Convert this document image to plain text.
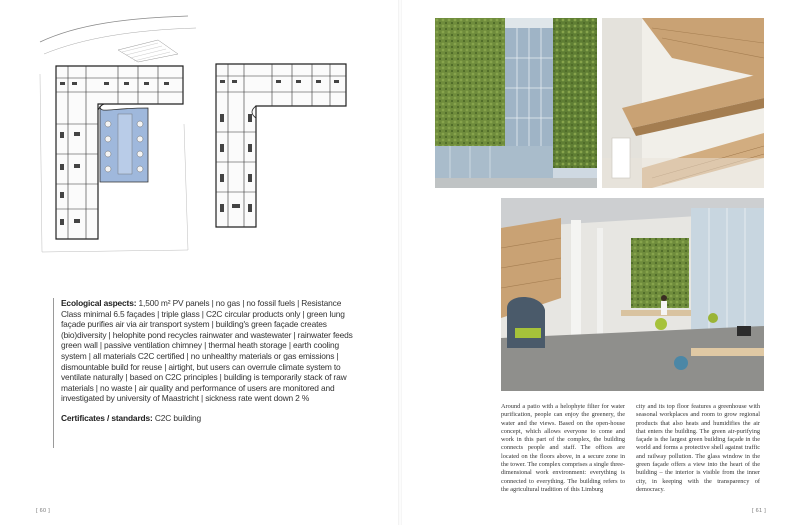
Ecological aspects: 1,500 m² PV panels | no gas | no fossil fuels | Resistance Class minimal 6.5 façades | triple glass | C2C circular products only | green lung façade purifies air via air transport system | building's green façade creates (bio)diversity | helophite pond recycles rainwater and wastewater | rainwater feeds green wall | passive ventilation chimney | thermal heath storage | earth cooling system | all materials C2C certified | no unhealthy materials or gas emissions | dismountable build for reuse | airtight, but users can overrule climate system to ventilate naturally | based on C2C principles | building is temporarily stack of raw materials | no waste | air quality and performance of users are monitored and investigated by university of Maastricht | sickness rate went down 2 %
Certificates / standards: C2C building
[ 60 ]
Around a patio with a helophyte filter for water purification, people can enjoy the greenery, the water and the views. Based on the open-house concept, which allows everyone to come and work in this part of the complex, the building connects people and staff. The offices are located on the floors above, in a secure zone in the tower. The complex comprises a single three-dimensional work environment: everything is connected to everything. The building refers to the agricultural tradition of this Limburg
city and its top floor features a greenhouse with seasonal workplaces and room to grow regional products that also heats and humidifies the air that enters the building. The green air-purifying façade is the largest green building façade in the world and forms a protective shell against traffic and railway pollution. The glass window in the green façade offers a view into the heart of the building – the interior is visible from the inner city, in keeping with the transparency of democracy.
[ 61 ]
